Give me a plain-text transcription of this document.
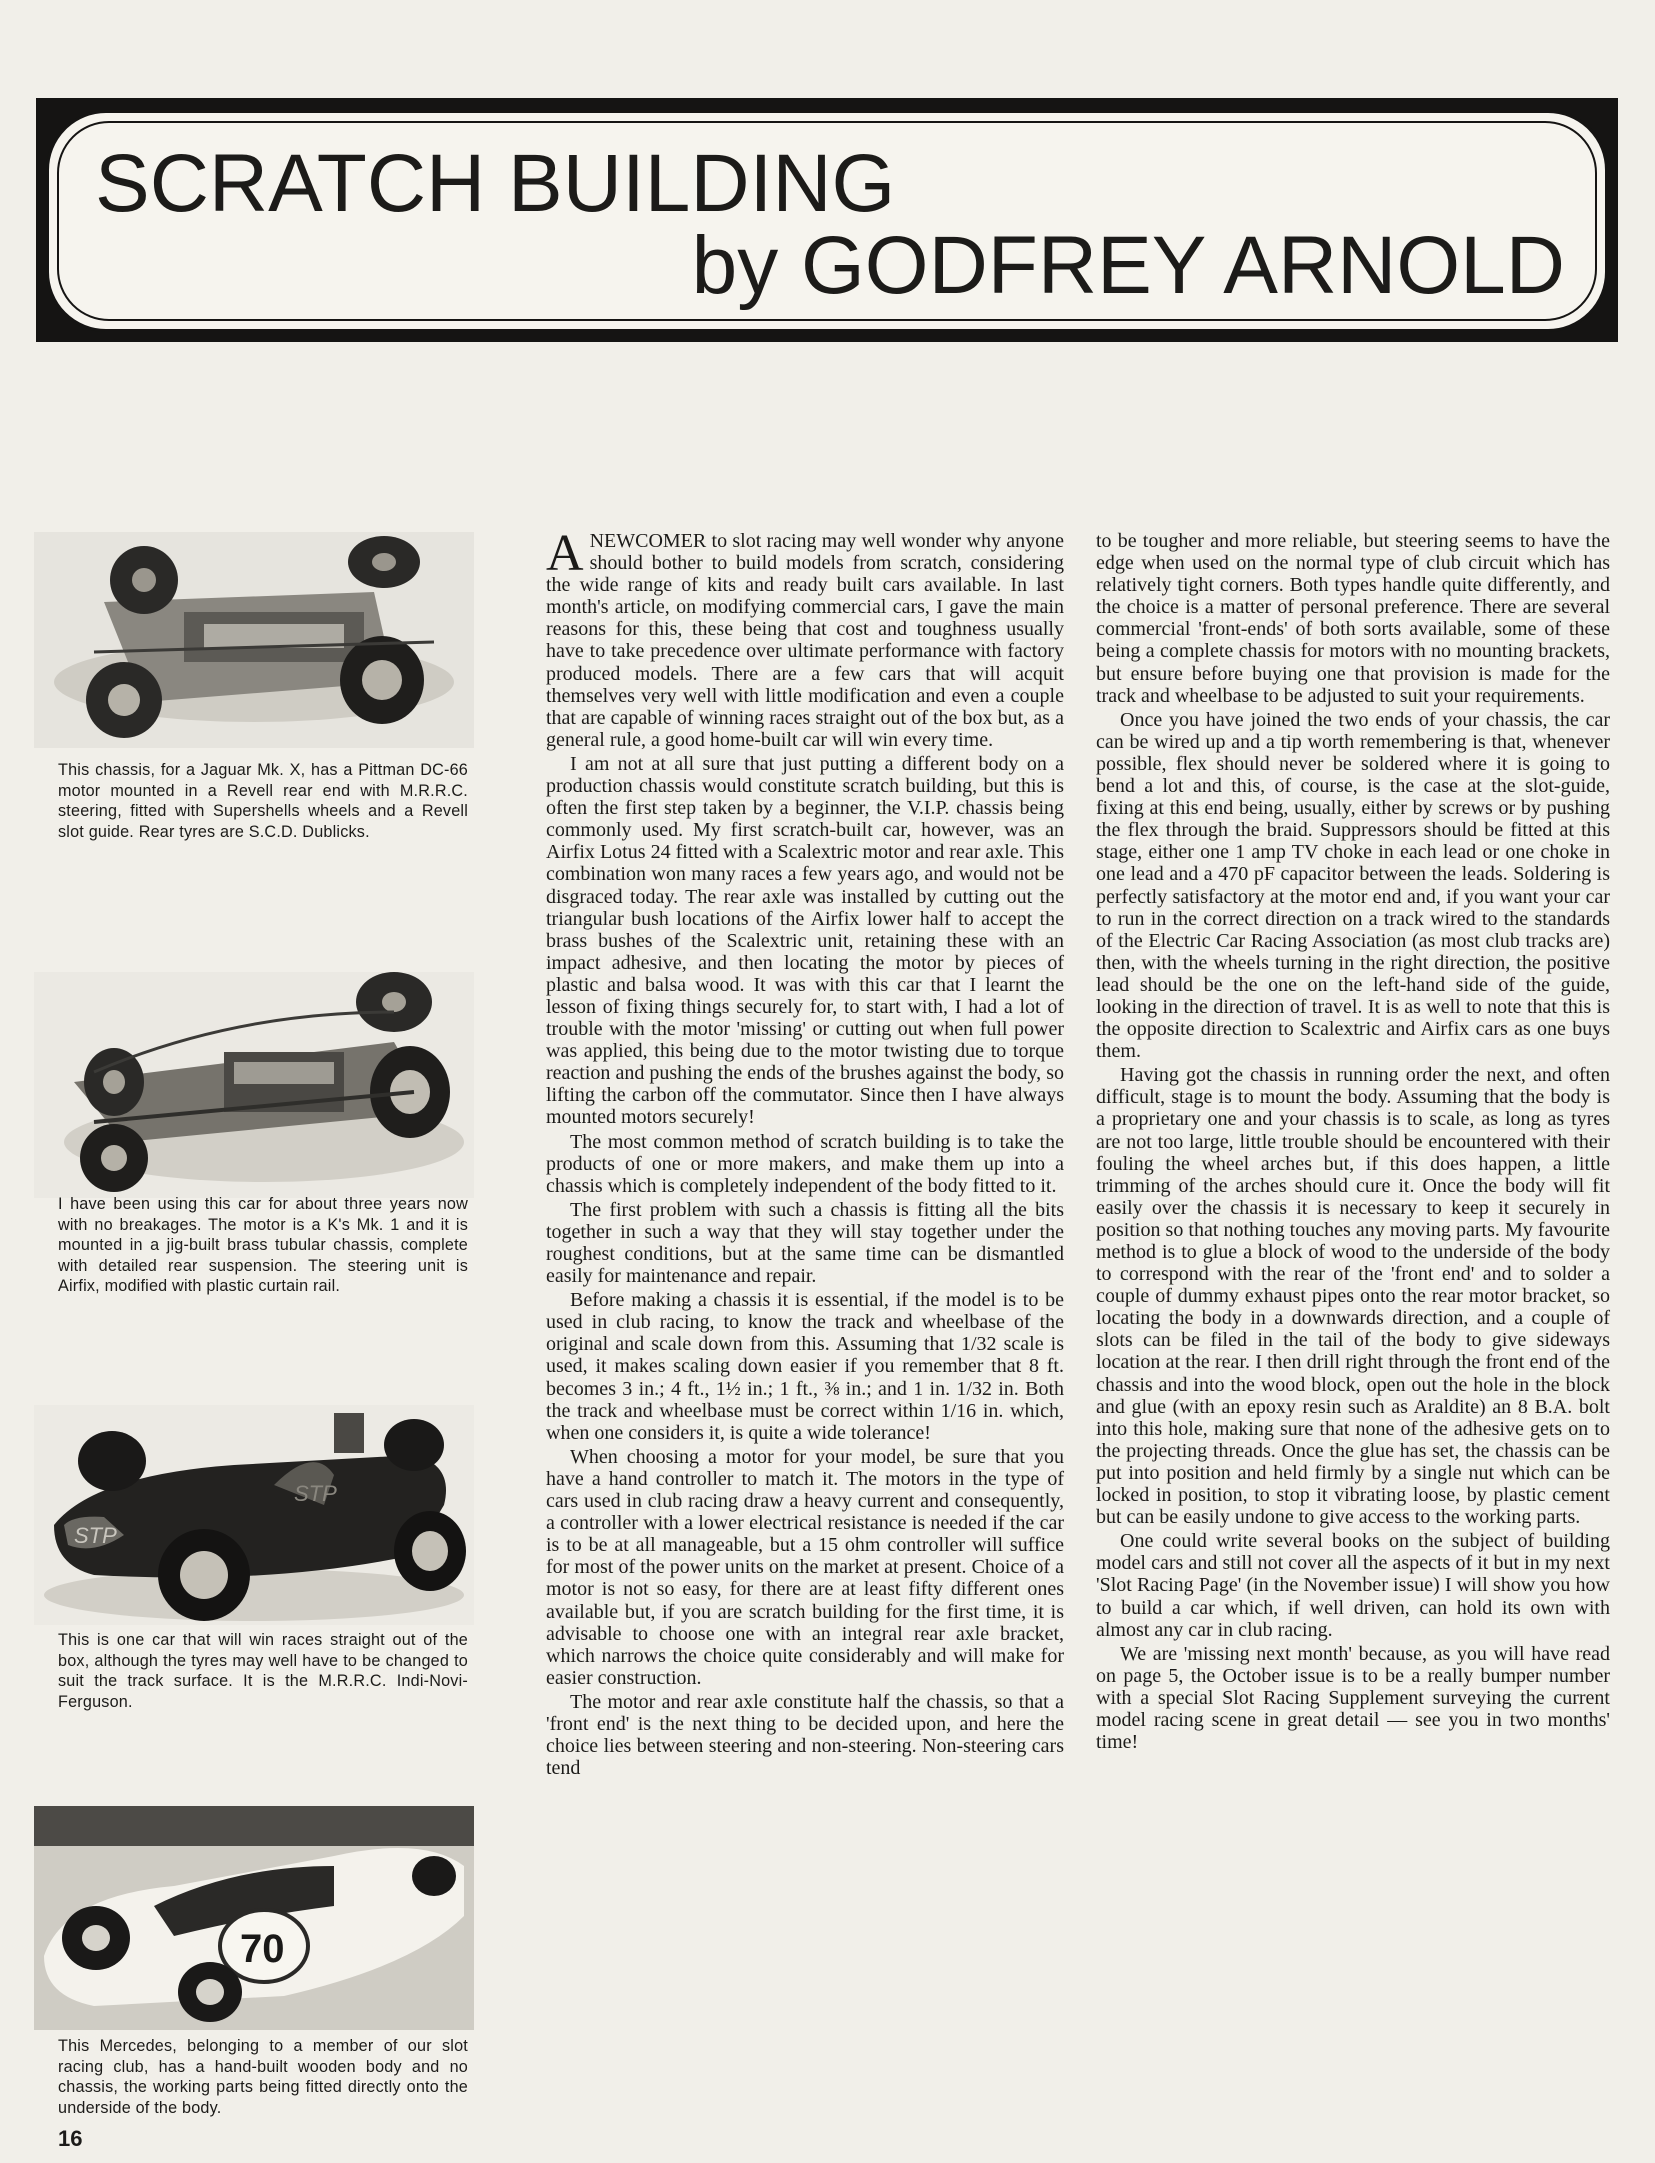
SCRATCH BUILDING
by GODFREY ARNOLD
This chassis, for a Jaguar Mk. X, has a Pittman DC-66 motor mounted in a Revell rear end with M.R.R.C. steering, fitted with Supershells wheels and a Revell slot guide. Rear tyres are S.C.D. Dublicks.
I have been using this car for about three years now with no breakages. The motor is a K's Mk. 1 and it is mounted in a jig-built brass tubular chassis, complete with detailed rear suspension. The steering unit is Airfix, modified with plastic curtain rail.
STP
STP
This is one car that will win races straight out of the box, although the tyres may well have to be changed to suit the track surface. It is the M.R.R.C. Indi-Novi-Ferguson.
70
This Mercedes, belonging to a member of our slot racing club, has a hand-built wooden body and no chassis, the working parts being fitted directly onto the underside of the body.

ANEWCOMER to slot racing may well wonder why anyone should bother to build models from scratch, considering the wide range of kits and ready built cars available. In last month's article, on modifying commercial cars, I gave the main reasons for this, these being that cost and toughness usually have to take precedence over ultimate performance with factory produced models. There are a few cars that will acquit themselves very well with little modification and even a couple that are capable of winning races straight out of the box but, as a general rule, a good home-built car will win every time.

I am not at all sure that just putting a different body on a production chassis would constitute scratch building, but this is often the first step taken by a beginner, the V.I.P. chassis being commonly used. My first scratch-built car, however, was an Airfix Lotus 24 fitted with a Scalextric motor and rear axle. This combination won many races a few years ago, and would not be disgraced today. The rear axle was installed by cutting out the triangular bush locations of the Airfix lower half to accept the brass bushes of the Scalextric unit, retaining these with an impact adhesive, and then locating the motor by pieces of plastic and balsa wood. It was with this car that I learnt the lesson of fixing things securely for, to start with, I had a lot of trouble with the motor 'missing' or cutting out when full power was applied, this being due to the motor twisting due to torque reaction and pushing the ends of the brushes against the body, so lifting the carbon off the commutator. Since then I have always mounted motors securely!

The most common method of scratch building is to take the products of one or more makers, and make them up into a chassis which is completely independent of the body fitted to it.

The first problem with such a chassis is fitting all the bits together in such a way that they will stay together under the roughest conditions, but at the same time can be dismantled easily for maintenance and repair.

Before making a chassis it is essential, if the model is to be used in club racing, to know the track and wheelbase of the original and scale down from this. Assuming that 1/32 scale is used, it makes scaling down easier if you remember that 8 ft. becomes 3 in.; 4 ft., 1½ in.; 1 ft., ⅜ in.; and 1 in. 1/32 in. Both the track and wheelbase must be correct within 1/16 in. which, when one considers it, is quite a wide tolerance!

When choosing a motor for your model, be sure that you have a hand controller to match it. The motors in the type of cars used in club racing draw a heavy current and consequently, a controller with a lower electrical resistance is needed if the car is to be at all manageable, but a 15 ohm controller will suffice for most of the power units on the market at present. Choice of a motor is not so easy, for there are at least fifty different ones available but, if you are scratch building for the first time, it is advisable to choose one with an integral rear axle bracket, which narrows the choice quite considerably and will make for easier construction.

The motor and rear axle constitute half the chassis, so that a 'front end' is the next thing to be decided upon, and here the choice lies between steering and non-steering. Non-steering cars tend

to be tougher and more reliable, but steering seems to have the edge when used on the normal type of club circuit which has relatively tight corners. Both types handle quite differently, and the choice is a matter of personal preference. There are several commercial 'front-ends' of both sorts available, some of these being a complete chassis for motors with no mounting brackets, but ensure before buying one that provision is made for the track and wheelbase to be adjusted to suit your requirements.

Once you have joined the two ends of your chassis, the car can be wired up and a tip worth remembering is that, whenever possible, flex should never be soldered where it is going to bend a lot and this, of course, is the case at the slot-guide, fixing at this end being, usually, either by screws or by pushing the flex through the braid. Suppressors should be fitted at this stage, either one 1 amp TV choke in each lead or one choke in one lead and a 470 pF capacitor between the leads. Soldering is perfectly satisfactory at the motor end and, if you want your car to run in the correct direction on a track wired to the standards of the Electric Car Racing Association (as most club tracks are) then, with the wheels turning in the right direction, the positive lead should be the one on the left-hand side of the guide, looking in the direction of travel. It is as well to note that this is the opposite direction to Scalextric and Airfix cars as one buys them.

Having got the chassis in running order the next, and often difficult, stage is to mount the body. Assuming that the body is a proprietary one and your chassis is to scale, as long as tyres are not too large, little trouble should be encountered with their fouling the wheel arches but, if this does happen, a little trimming of the arches should cure it. Once the body will fit easily over the chassis it is necessary to keep it securely in position so that nothing touches any moving parts. My favourite method is to glue a block of wood to the underside of the body to correspond with the rear of the 'front end' and to solder a couple of dummy exhaust pipes onto the rear motor bracket, so locating the body in a downwards direction, and a couple of slots can be filed in the tail of the body to give sideways location at the rear. I then drill right through the front end of the chassis and into the wood block, open out the hole in the block and glue (with an epoxy resin such as Araldite) an 8 B.A. bolt into this hole, making sure that none of the adhesive gets on to the projecting threads. Once the glue has set, the chassis can be put into position and held firmly by a single nut which can be locked in position, to stop it vibrating loose, by plastic cement but can be easily undone to give access to the working parts.

One could write several books on the subject of building model cars and still not cover all the aspects of it but in my next 'Slot Racing Page' (in the November issue) I will show you how to build a car which, if well driven, can hold its own with almost any car in club racing.

We are 'missing next month' because, as you will have read on page 5, the October issue is to be a really bumper number with a special Slot Racing Supplement surveying the current model racing scene in great detail — see you in two months' time!

16
